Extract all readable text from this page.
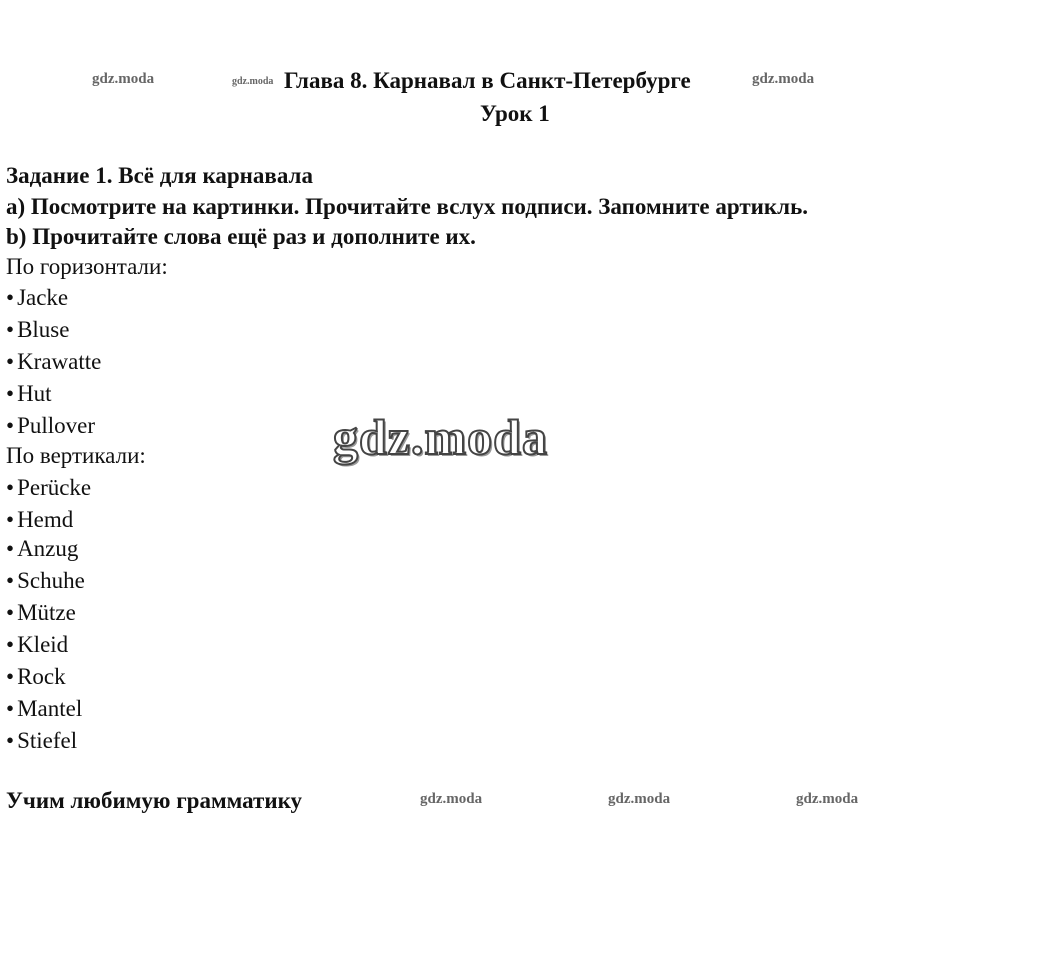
gdz.moda	gdz.moda	gdz.moda
Глава 8. Карнавал в Санкт-Петербурге
Урок 1
Задание 1. Всё для карнавала
a) Посмотрите на картинки. Прочитайте вслух подписи. Запомните артикль.
b) Прочитайте слова ещё раз и дополните их.
По горизонтали:
• Jacke
• Bluse
• Krawatte
• Hut
• Pullover
По вертикали:
• Perücke
• Hemd
• Anzug
• Schuhe
• Mütze
• Kleid
• Rock
• Mantel
• Stiefel
gdz.moda
Учим любимую грамматику	gdz.moda	gdz.moda	gdz.moda
